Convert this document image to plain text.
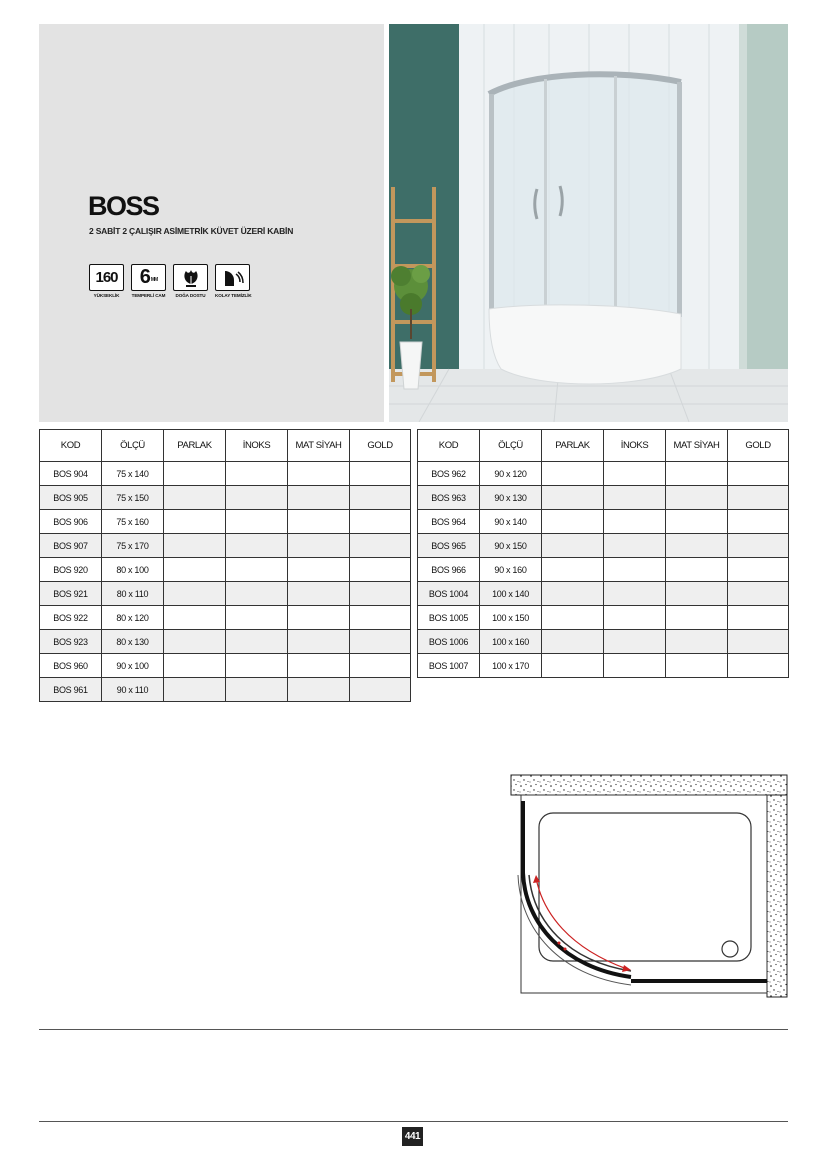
BOSS
2 SABİT 2 ÇALIŞIR ASİMETRİK KÜVET ÜZERİ KABİN
160
YÜKSEKLİK
6 MM
TEMPERLİ CAM	DOĞA DOSTU	KOLAY TEMİZLİK
KOD	ÖLÇÜ	PARLAK	İNOKS	MAT SİYAH	GOLD
BOS 904	75 x 140				
BOS 905	75 x 150				
BOS 906	75 x 160				
BOS 907	75 x 170				
BOS 920	80 x 100				
BOS 921	80 x 110				
BOS 922	80 x 120				
BOS 923	80 x 130				
BOS 960	90 x 100				
BOS 961	90 x 110				
KOD	ÖLÇÜ	PARLAK	İNOKS	MAT SİYAH	GOLD
BOS 962	90 x 120				
BOS 963	90 x 130				
BOS 964	90 x 140				
BOS 965	90 x 150				
BOS 966	90 x 160				
BOS 1004	100 x 140				
BOS 1005	100 x 150				
BOS 1006	100 x 160				
BOS 1007	100 x 170				
441
